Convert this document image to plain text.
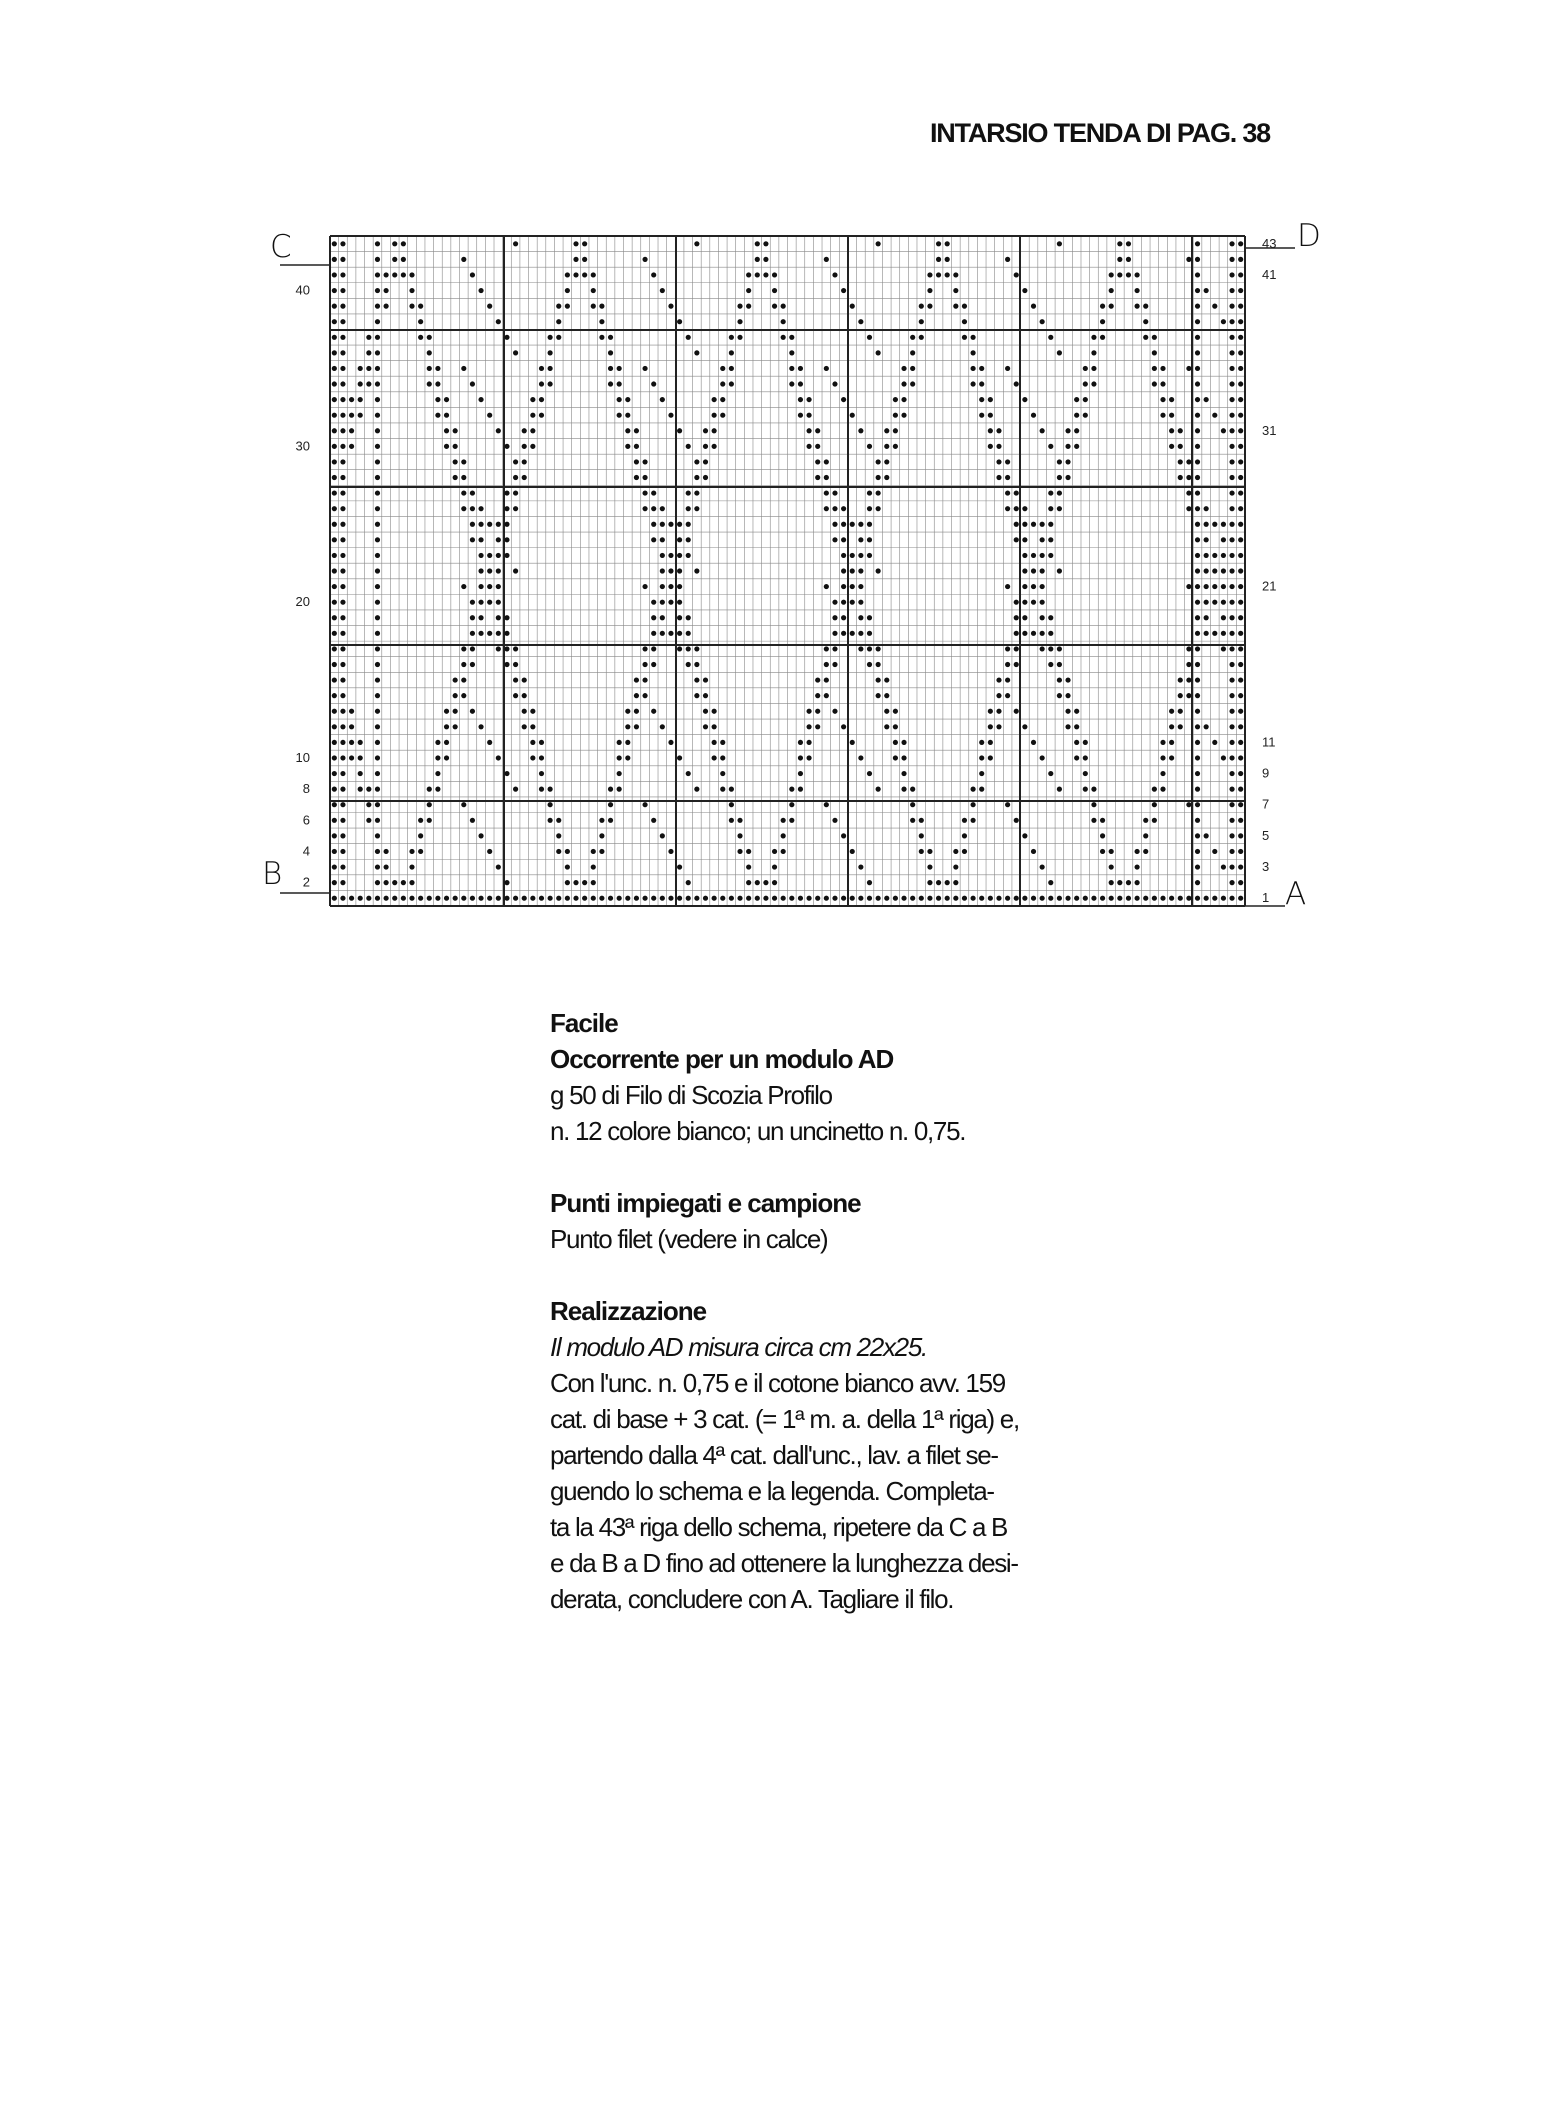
INTARSIO TENDA DI PAG. 38
40
30
20
10
8
6
4
2
43
41
31
21
11
9
7
5
3
1
C
B
D
A
Facile
Occorrente per un modulo AD
g 50 di Filo di Scozia Profilo
n. 12 colore bianco; un uncinetto n. 0,75.
Punti impiegati e campione
Punto filet (vedere in calce)
Realizzazione
Il modulo AD misura circa cm 22x25.
Con l'unc. n. 0,75 e il cotone bianco avv. 159
cat. di base + 3 cat. (= 1ª m. a. della 1ª riga) e,
partendo dalla 4ª cat. dall'unc., lav. a filet se-
guendo lo schema e la legenda. Completa-
ta la 43ª riga dello schema, ripetere da C a B
e da B a D fino ad ottenere la lunghezza desi-
derata, concludere con A. Tagliare il filo.
